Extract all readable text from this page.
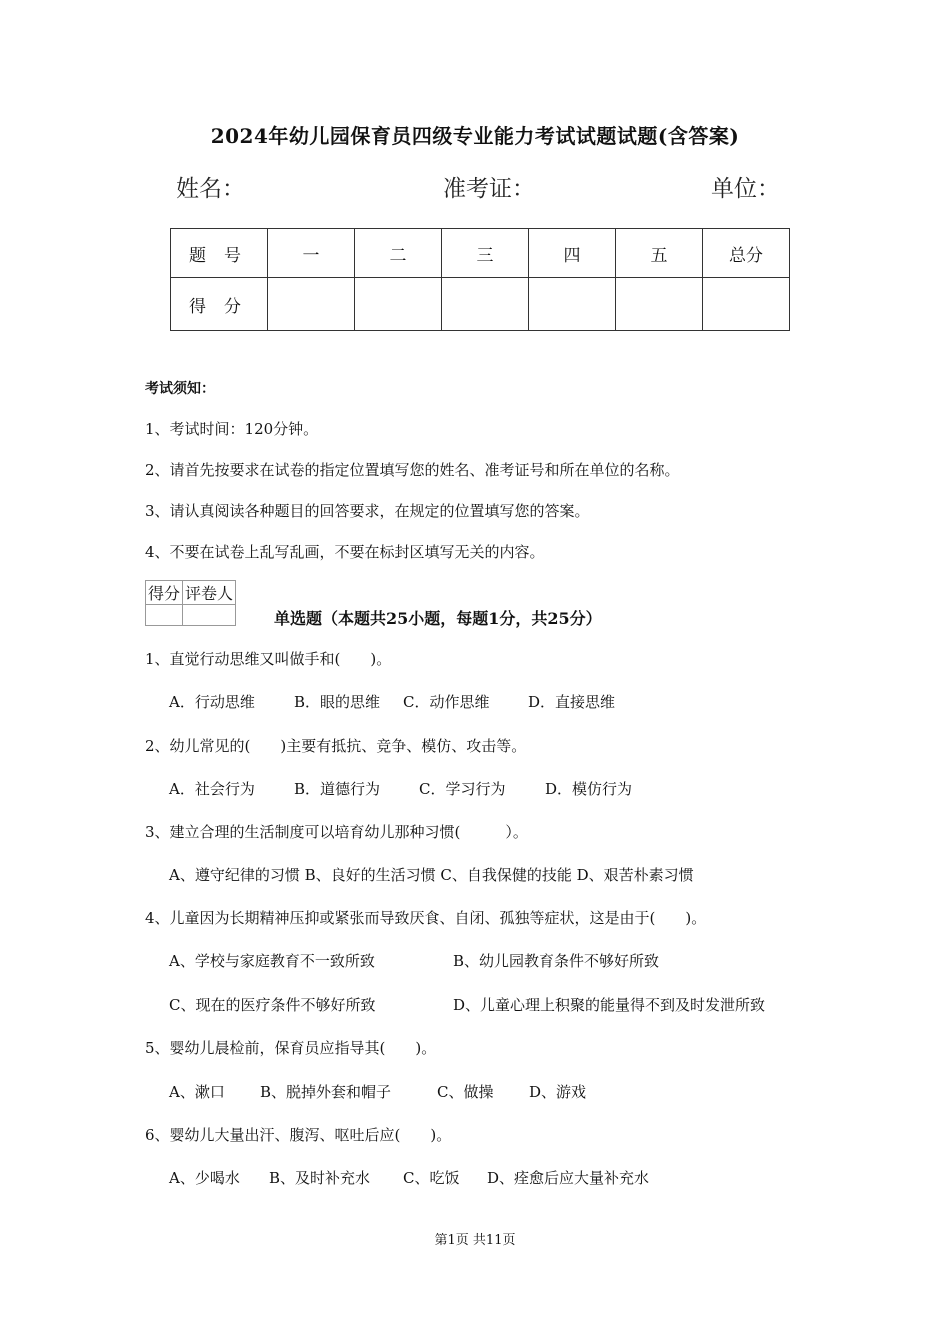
2024年幼儿园保育员四级专业能力考试试题试题(含答案)
姓名：	准考证：	单位：
题号	一	二	三	四	五	总分
得分						
考试须知：
1、考试时间：120分钟。
2、请首先按要求在试卷的指定位置填写您的姓名、准考证号和所在单位的名称。
3、请认真阅读各种题目的回答要求，在规定的位置填写您的答案。
4、不要在试卷上乱写乱画，不要在标封区填写无关的内容。
得分	评卷人

单选题（本题共25小题，每题1分，共25分）
1、直觉行动思维又叫做手和(　　)。
A．行动思维	B．眼的思维 C．动作思维	D．直接思维
2、幼儿常见的(　　)主要有抵抗、竞争、模仿、攻击等。
A．社会行为	B．道德行为	C．学习行为	D．模仿行为
3、建立合理的生活制度可以培育幼儿那种习惯(　　　）。
A、遵守纪律的习惯 B、良好的生活习惯 C、自我保健的技能 D、艰苦朴素习惯
4、儿童因为长期精神压抑或紧张而导致厌食、自闭、孤独等症状，这是由于(　　)。
A、学校与家庭教育不一致所致	B、幼儿园教育条件不够好所致
C、现在的医疗条件不够好所致	D、儿童心理上积聚的能量得不到及时发泄所致
5、婴幼儿晨检前，保育员应指导其(　　)。
A、漱口 B、脱掉外套和帽子	C、做操 D、游戏
6、婴幼儿大量出汗、腹泻、呕吐后应(　　)。
A、少喝水 B、及时补充水 C、吃饭 D、痊愈后应大量补充水
第1页 共11页
